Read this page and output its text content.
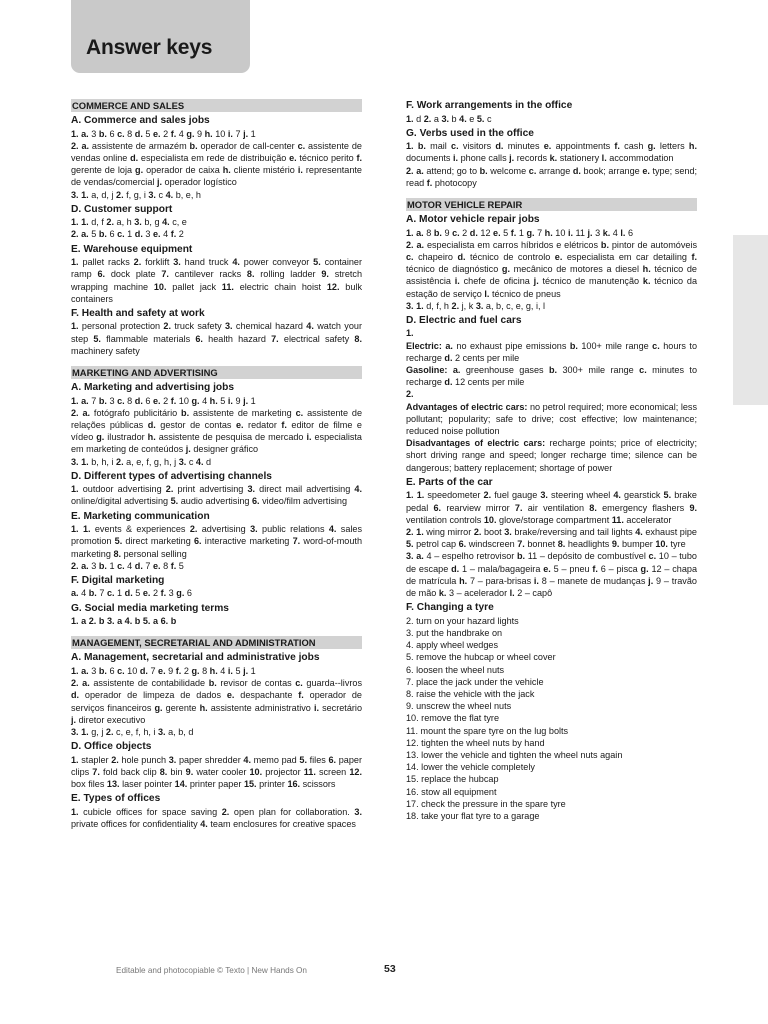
Answer keys
COMMERCE AND SALES
A. Commerce and sales jobs
1. a. 3 b. 6 c. 8 d. 5 e. 2 f. 4 g. 9 h. 10 i. 7 j. 1
2. a. assistente de armazém b. operador de call-center c. assistente de vendas online d. especialista em rede de distribuição e. técnico perito f. gerente de loja g. operador de caixa h. cliente mistério i. representante de vendas/comercial j. operador logístico
3. 1. a, d, j 2. f, g, i 3. c 4. b, e, h
D. Customer support
1. 1. d, f 2. a, h 3. b, g 4. c, e
2. a. 5 b. 6 c. 1 d. 3 e. 4 f. 2
E. Warehouse equipment
1. pallet racks 2. forklift 3. hand truck 4. power conveyor 5. container ramp 6. dock plate 7. cantilever racks 8. rolling ladder 9. stretch wrapping machine 10. pallet jack 11. electric chain hoist 12. bulk containers
F. Health and safety at work
1. personal protection 2. truck safety 3. chemical hazard 4. watch your step 5. flammable materials 6. health hazard 7. electrical safety 8. machinery safety
MARKETING AND ADVERTISING
A. Marketing and advertising jobs
1. a. 7 b. 3 c. 8 d. 6 e. 2 f. 10 g. 4 h. 5 i. 9 j. 1
2. a. fotógrafo publicitário b. assistente de marketing c. assistente de relações públicas d. gestor de contas e. redator f. editor de filme e vídeo g. ilustrador h. assistente de pesquisa de mercado i. especialista em marketing de conteúdos j. designer gráfico
3. 1. b, h, i 2. a, e, f, g, h, j 3. c 4. d
D. Different types of advertising channels
1. outdoor advertising 2. print advertising 3. direct mail advertising 4. online/digital advertising 5. audio advertising 6. video/film advertising
E. Marketing communication
1. 1. events & experiences 2. advertising 3. public relations 4. sales promotion 5. direct marketing 6. interactive marketing 7. word-of-mouth marketing 8. personal selling
2. a. 3 b. 1 c. 4 d. 7 e. 8 f. 5
F. Digital marketing
a. 4 b. 7 c. 1 d. 5 e. 2 f. 3 g. 6
G. Social media marketing terms
1. a 2. b 3. a 4. b 5. a 6. b
MANAGEMENT, SECRETARIAL AND ADMINISTRATION
A. Management, secretarial and administrative jobs
1. a. 3 b. 6 c. 10 d. 7 e. 9 f. 2 g. 8 h. 4 i. 5 j. 1
2. a. assistente de contabilidade b. revisor de contas c. guarda--livros d. operador de limpeza de dados e. despachante f. operador de serviços financeiros g. gerente h. assistente administrativo i. secretário j. diretor executivo
3. 1. g, j 2. c, e, f, h, i 3. a, b, d
D. Office objects
1. stapler 2. hole punch 3. paper shredder 4. memo pad 5. files 6. paper clips 7. fold back clip 8. bin 9. water cooler 10. projector 11. screen 12. box files 13. laser pointer 14. printer paper 15. printer 16. scissors
E. Types of offices
1. cubicle offices for space saving 2. open plan for collaboration. 3. private offices for confidentiality 4. team enclosures for creative spaces
F. Work arrangements in the office
1. d 2. a 3. b 4. e 5. c
G. Verbs used in the office
1. b. mail c. visitors d. minutes e. appointments f. cash g. letters h. documents i. phone calls j. records k. stationery l. accommodation
2. a. attend; go to b. welcome c. arrange d. book; arrange e. type; send; read f. photocopy
MOTOR VEHICLE REPAIR
A. Motor vehicle repair jobs
1. a. 8 b. 9 c. 2 d. 12 e. 5 f. 1 g. 7 h. 10 i. 11 j. 3 k. 4 l. 6
2. a. especialista em carros híbridos e elétricos b. pintor de automóveis c. chapeiro d. técnico de controlo e. especialista em car detailing f. técnico de diagnóstico g. mecânico de motores a diesel h. técnico de assistência i. chefe de oficina j. técnico de manutenção k. técnico da estação de serviço l. técnico de pneus
3. 1. d, f, h 2. j, k 3. a, b, c, e, g, i, l
D. Electric and fuel cars
1.
Electric: a. no exhaust pipe emissions b. 100+ mile range c. hours to recharge d. 2 cents per mile
Gasoline: a. greenhouse gases b. 300+ mile range c. minutes to recharge d. 12 cents per mile
2.
Advantages of electric cars: no petrol required; more economical; less pollutant; popularity; safe to drive; cost effective; low maintenance; reduced noise pollution
Disadvantages of electric cars: recharge points; price of electricity; short driving range and speed; longer recharge time; silence can be dangerous; battery replacement; shortage of power
E. Parts of the car
1. 1. speedometer 2. fuel gauge 3. steering wheel 4. gearstick 5. brake pedal 6. rearview mirror 7. air ventilation 8. emergency flashers 9. ventilation controls 10. glove/storage compartment 11. accelerator
2. 1. wing mirror 2. boot 3. brake/reversing and tail lights 4. exhaust pipe 5. petrol cap 6. windscreen 7. bonnet 8. headlights 9. bumper 10. tyre
3. a. 4 – espelho retrovisor b. 11 – depósito de combustível c. 10 – tubo de escape d. 1 – mala/bagageira e. 5 – pneu f. 6 – pisca g. 12 – chapa de matrícula h. 7 – para-brisas i. 8 – manete de mudanças j. 9 – travão de mão k. 3 – acelerador l. 2 – capô
F. Changing a tyre
2. turn on your hazard lights
3. put the handbrake on
4. apply wheel wedges
5. remove the hubcap or wheel cover
6. loosen the wheel nuts
7. place the jack under the vehicle
8. raise the vehicle with the jack
9. unscrew the wheel nuts
10. remove the flat tyre
11. mount the spare tyre on the lug bolts
12. tighten the wheel nuts by hand
13. lower the vehicle and tighten the wheel nuts again
14. lower the vehicle completely
15. replace the hubcap
16. stow all equipment
17. check the pressure in the spare tyre
18. take your flat tyre to a garage
Editable and photocopiable © Texto | New Hands On	53
